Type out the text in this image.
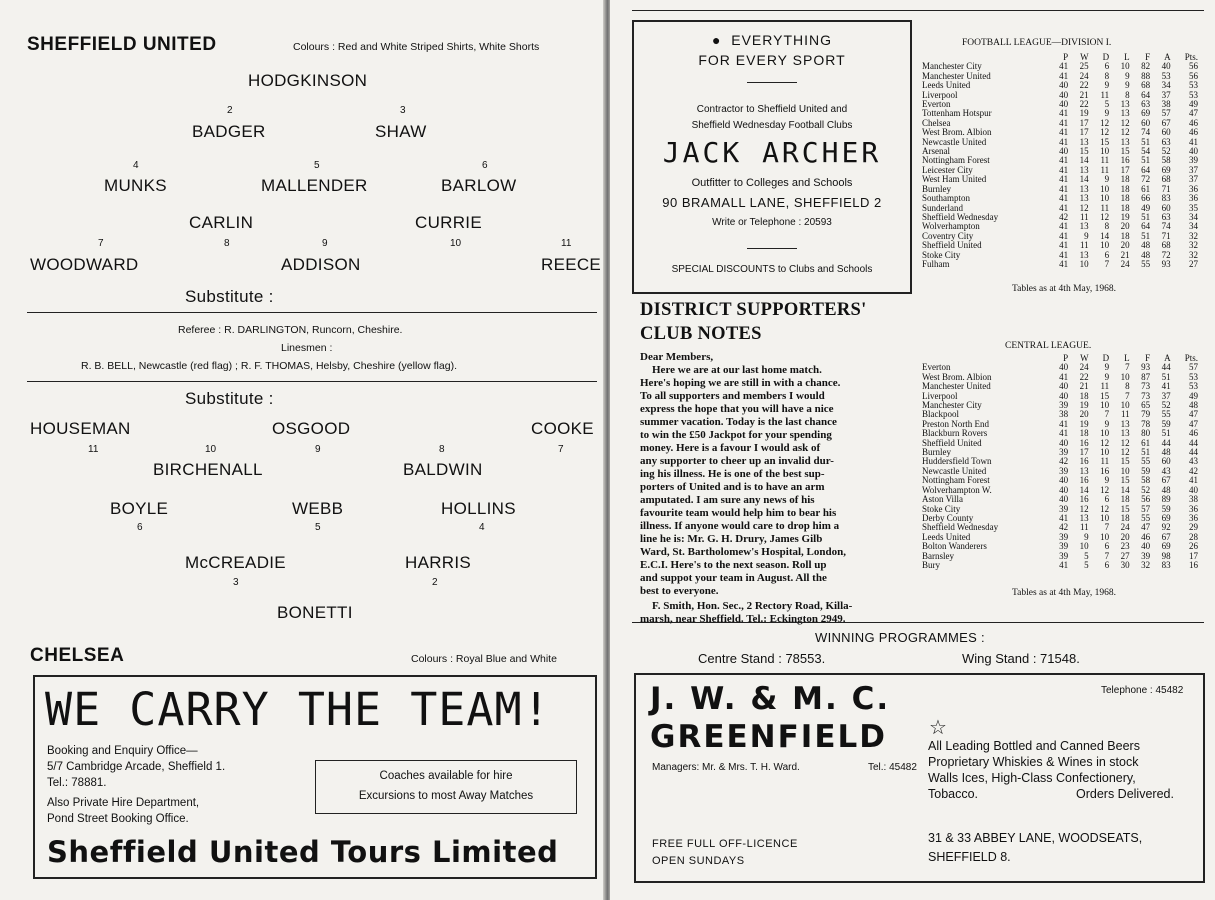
SHEFFIELD UNITED	Colours : Red and White Striped Shirts, White Shorts
HODGKINSON
2
BADGER
3
SHAW
4
MUNKS
5
MALLENDER
6
BARLOW
CARLIN	CURRIE
7
WOODWARD
8	9
ADDISON
10	11
REECE
Substitute :
Referee : R. DARLINGTON, Runcorn, Cheshire.
Linesmen :
R. B. BELL, Newcastle (red flag) ; R. F. THOMAS, Helsby, Cheshire (yellow flag).
Substitute :
HOUSEMAN
11
OSGOOD
9
COOKE
7
10
BIRCHENALL
8
BALDWIN
BOYLE
6
WEBB
5
HOLLINS
4
McCREADIE
3
HARRIS
2
BONETTI
CHELSEA	Colours : Royal Blue and White
WE CARRY THE TEAM!
Booking and Enquiry Office—
5/7 Cambridge Arcade, Sheffield 1.
Tel.: 78881.
Also Private Hire Department,
Pond Street Booking Office.
Coaches available for hire
Excursions to most Away Matches
Sheffield United Tours Limited
●  EVERYTHING
FOR EVERY SPORT
Contractor to Sheffield United and
Sheffield Wednesday Football Clubs
JACK ARCHER
Outfitter to Colleges and Schools
90 BRAMALL LANE, SHEFFIELD 2
Write or Telephone : 20593
SPECIAL DISCOUNTS to Clubs and Schools
FOOTBALL LEAGUE—DIVISION I.
	P	W	D	L	F	A	Pts.
Manchester City	41	25	6	10	82	40	56
Manchester United	41	24	8	9	88	53	56
Leeds United	40	22	9	9	68	34	53
Liverpool	40	21	11	8	64	37	53
Everton	40	22	5	13	63	38	49
Tottenham Hotspur	41	19	9	13	69	57	47
Chelsea	41	17	12	12	60	67	46
West Brom. Albion	41	17	12	12	74	60	46
Newcastle United	41	13	15	13	51	63	41
Arsenal	40	15	10	15	54	52	40
Nottingham Forest	41	14	11	16	51	58	39
Leicester City	41	13	11	17	64	69	37
West Ham United	41	14	9	18	72	68	37
Burnley	41	13	10	18	61	71	36
Southampton	41	13	10	18	66	83	36
Sunderland	41	12	11	18	49	60	35
Sheffield Wednesday	42	11	12	19	51	63	34
Wolverhampton	41	13	8	20	64	74	34
Coventry City	41	9	14	18	51	71	32
Sheffield United	41	11	10	20	48	68	32
Stoke City	41	13	6	21	48	72	32
Fulham	41	10	7	24	55	93	27
Tables as at 4th May, 1968.
DISTRICT SUPPORTERS'
CLUB NOTES
Dear Members,
Here we are at our last home match.
Here's hoping we are still in with a chance.
To all supporters and members I would
express the hope that you will have a nice
summer vacation. Today is the last chance
to win the £50 Jackpot for your spending
money. Here is a favour I would ask of
any supporter to cheer up an invalid dur-
ing his illness. He is one of the best sup-
porters of United and is to have an arm
amputated. I am sure any news of his
favourite team would help him to bear his
illness. If anyone would care to drop him a
line he is: Mr. G. H. Drury, James Gilb
Ward, St. Bartholomew's Hospital, London,
E.C.I. Here's to the next season. Roll up
and suppot your team in August. All the
best to everyone.
F. Smith, Hon. Sec., 2 Rectory Road, Killa-
marsh, near Sheffield. Tel.: Eckington 2949.
CENTRAL LEAGUE.
	P	W	D	L	F	A	Pts.
Everton	40	24	9	7	93	44	57
West Brom. Albion	41	22	9	10	87	51	53
Manchester United	40	21	11	8	73	41	53
Liverpool	40	18	15	7	73	37	49
Manchester City	39	19	10	10	65	52	48
Blackpool	38	20	7	11	79	55	47
Preston North End	41	19	9	13	78	59	47
Blackburn Rovers	41	18	10	13	80	51	46
Sheffield United	40	16	12	12	61	44	44
Burnley	39	17	10	12	51	48	44
Huddersfield Town	42	16	11	15	55	60	43
Newcastle United	39	13	16	10	59	43	42
Nottingham Forest	40	16	9	15	58	67	41
Wolverhampton W.	40	14	12	14	52	48	40
Aston Villa	40	16	6	18	56	89	38
Stoke City	39	12	12	15	57	59	36
Derby County	41	13	10	18	55	69	36
Sheffield Wednesday	42	11	7	24	47	92	29
Leeds United	39	9	10	20	46	67	28
Bolton Wanderers	39	10	6	23	40	69	26
Barnsley	39	5	7	27	39	98	17
Bury	41	5	6	30	32	83	16
Tables as at 4th May, 1968.
WINNING PROGRAMMES :
Centre Stand : 78553.	Wing Stand : 71548.
J. W. & M. C.
GREENFIELD
Managers: Mr. & Mrs. T. H. Ward.	Tel.: 45482
☆
Telephone : 45482
All Leading Bottled and Canned Beers
Proprietary Whiskies & Wines in stock
Walls Ices, High-Class Confectionery,
Tobacco.	Orders Delivered.
FREE FULL OFF-LICENCE
OPEN SUNDAYS
31 & 33 ABBEY LANE, WOODSEATS,
SHEFFIELD 8.
